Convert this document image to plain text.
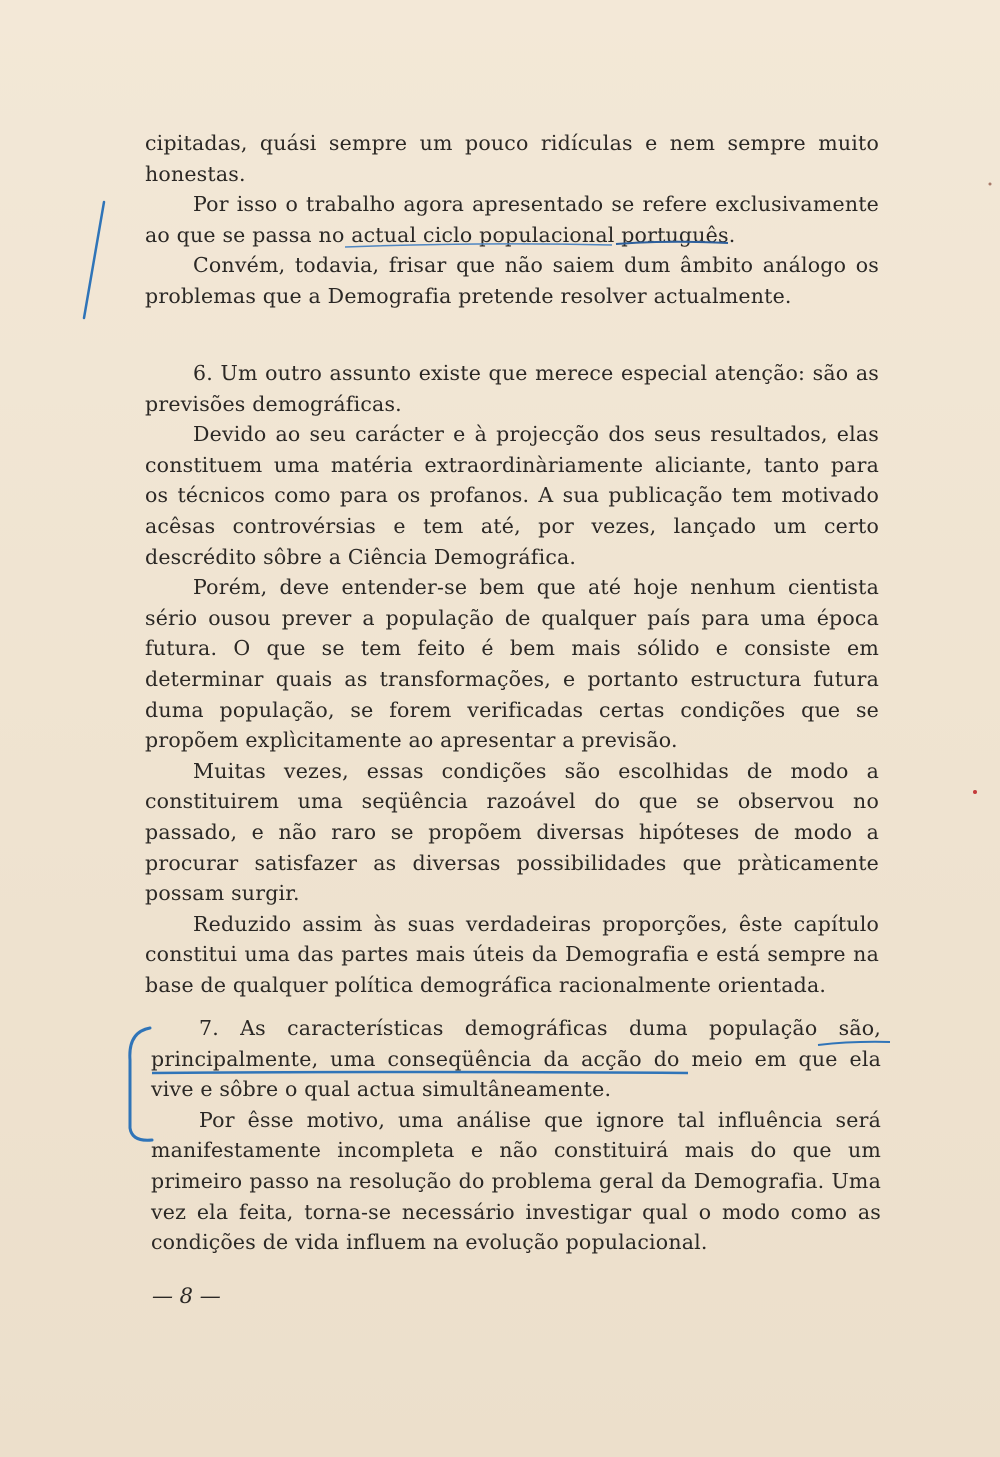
cipitadas, quási sempre um pouco ridículas e nem sempre muito honestas.

Por isso o trabalho agora apresentado se refere exclusivamente ao que se passa no actual ciclo populacional português.

Convém, todavia, frisar que não saiem dum âmbito análogo os problemas que a Demografia pretende resolver actualmente.

6. Um outro assunto existe que merece especial atenção: são as previsões demográficas.

Devido ao seu carácter e à projecção dos seus resultados, elas constituem uma matéria extraordinàriamente aliciante, tanto para os técnicos como para os profanos. A sua publicação tem motivado acêsas controvérsias e tem até, por vezes, lançado um certo descrédito sôbre a Ciência Demográfica.

Porém, deve entender-se bem que até hoje nenhum cientista sério ousou prever a população de qualquer país para uma época futura. O que se tem feito é bem mais sólido e consiste em determinar quais as transformações, e portanto estructura futura duma população, se forem verificadas certas condições que se propõem explìcitamente ao apresentar a previsão.

Muitas vezes, essas condições são escolhidas de modo a constituirem uma seqüência razoável do que se observou no passado, e não raro se propõem diversas hipóteses de modo a procurar satisfazer as diversas possibilidades que pràticamente possam surgir.

Reduzido assim às suas verdadeiras proporções, êste capítulo constitui uma das partes mais úteis da Demografia e está sempre na base de qualquer política demográfica racionalmente orientada.

7. As características demográficas duma população são, principalmente, uma conseqüência da acção do meio em que ela vive e sôbre o qual actua simultâneamente.

Por êsse motivo, uma análise que ignore tal influência será manifestamente incompleta e não constituirá mais do que um primeiro passo na resolução do problema geral da Demografia. Uma vez ela feita, torna-se necessário investigar qual o modo como as condições de vida influem na evolução populacional.

— 8 —
